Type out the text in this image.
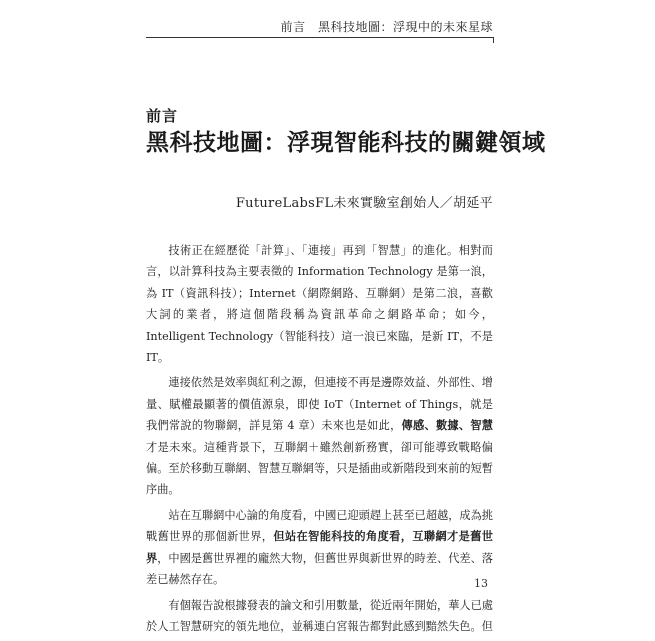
前言 黑科技地圖：浮現中的未來星球
前言
黑科技地圖：浮現智能科技的關鍵領域
FutureLabsFL未來實驗室創始人／胡延平

技術正在經歷從「計算」、「連接」再到「智慧」的進化。相對而言，以計算科技為主要表徵的 Information Technology 是第一浪，為 IT（資訊科技）；Internet（網際網路、互聯網）是第二浪，喜歡大詞的業者，將這個階段稱為資訊革命之網路革命；如今，Intelligent Technology（智能科技）這一浪已來臨，是新 IT，不是 IT。

連接依然是效率與紅利之源，但連接不再是邊際效益、外部性、增量、賦權最顯著的價值源泉，即使 IoT（Internet of Things，就是我們常說的物聯網，詳見第 4 章）未來也是如此，傳感、數據、智慧才是未來。這種背景下，互聯網＋雖然創新務實，卻可能導致戰略偏偏。至於移動互聯網、智慧互聯網等，只是插曲或新階段到來前的短暫序曲。

站在互聯網中心論的角度看，中國已迎頭趕上甚至已超越，成為挑戰舊世界的那個新世界，但站在智能科技的角度看，互聯網才是舊世界，中國是舊世界裡的龐然大物，但舊世界與新世界的時差、代差、落差已赫然存在。

有個報告說根據發表的論文和引用數量，從近兩年開始，華人已處於人工智慧研究的領先地位，並稱連白宮報告都對此感到黯然失色。但

13
